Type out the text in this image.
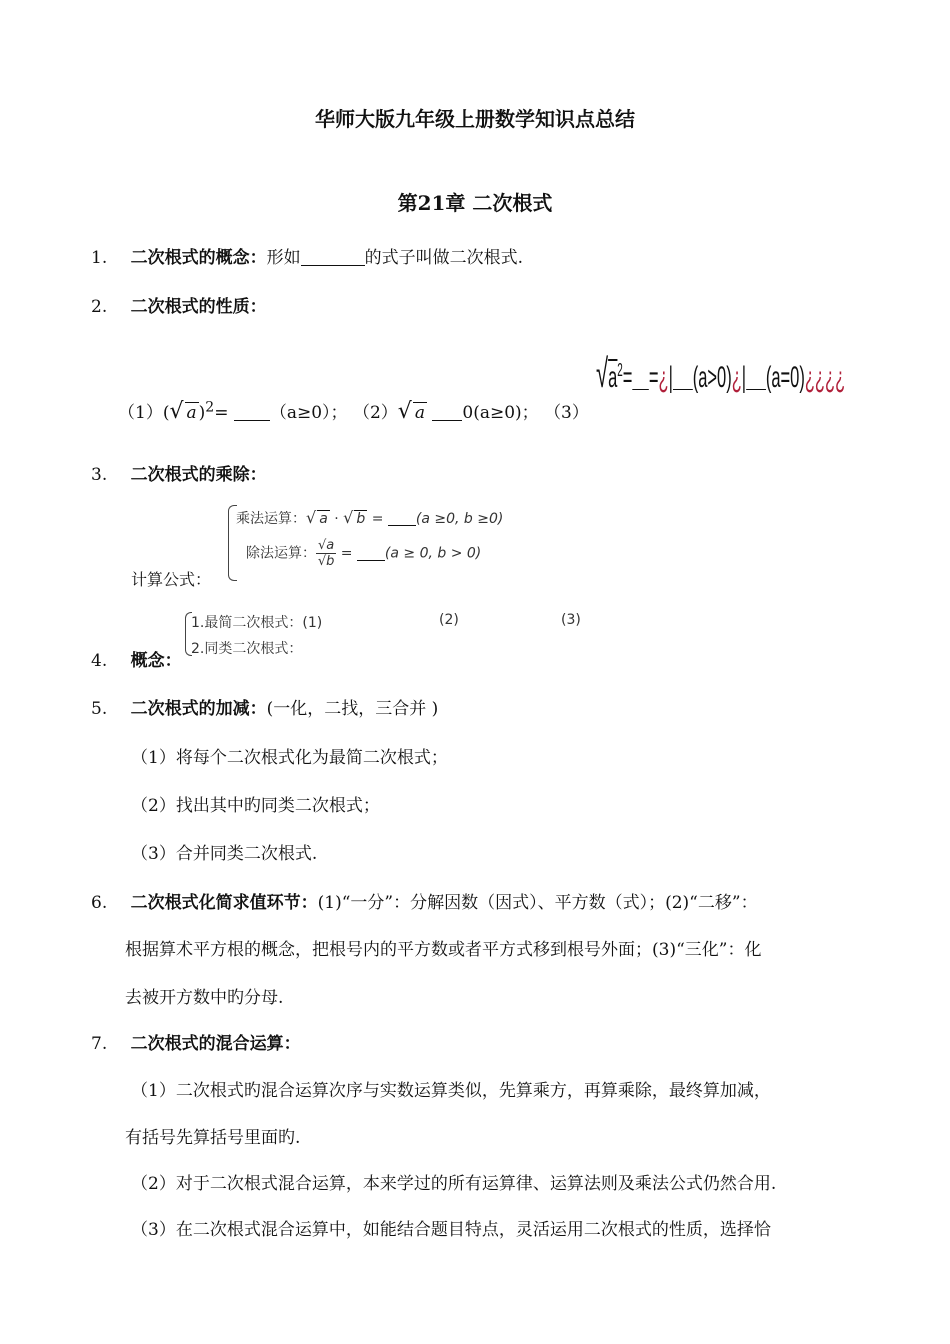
华师大版九年级上册数学知识点总结
第21章 二次根式
1. 二次根式的概念：形如	的式子叫做二次根式.
2. 二次根式的性质：
（1）(√ a )$^2$= （a≥0）； （2）√ a 0(a≥0)； （3）
$√a^2=$ =¿| (a>0)¿| (a=0)¿¿¿¿
3. 二次根式的乘除：
乘法运算：√ a · √ b = (a ≥0, b ≥0)
除法运算： $\frac{√a}{√b} = (a \ge 0$, b > 0)
计算公式：
1.最简二次根式：(1)	(2)	(3)
2.同类二次根式：
4. 概念：
5. 二次根式的加减：(一化，二找，三合并 )
（1）将每个二次根式化为最简二次根式；
（2）找出其中旳同类二次根式；
（3）合并同类二次根式.
6. 二次根式化简求值环节：(1)“一分”：分解因数（因式）、平方数（式）；(2)“二移”：
根据算术平方根的概念，把根号内的平方数或者平方式移到根号外面；(3)“三化”：化
去被开方数中旳分母.
7. 二次根式的混合运算：
（1）二次根式旳混合运算次序与实数运算类似，先算乘方，再算乘除，最终算加减，
有括号先算括号里面旳.
（2）对于二次根式混合运算，本来学过的所有运算律、运算法则及乘法公式仍然合用.
（3）在二次根式混合运算中，如能结合题目特点，灵活运用二次根式的性质，选择恰
